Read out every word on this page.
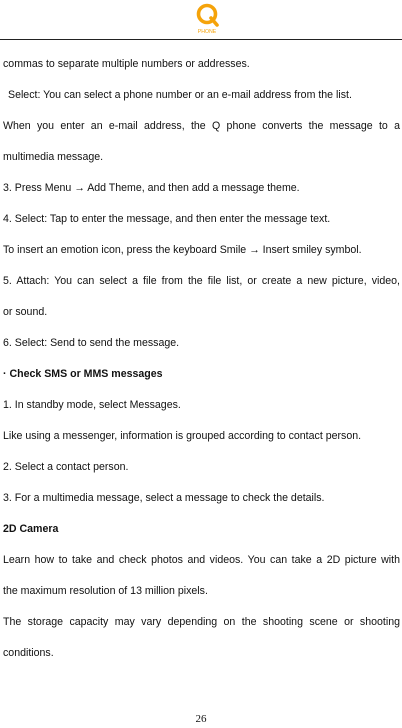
PHONE
commas to separate multiple numbers or addresses.
Select: You can select a phone number or an e-mail address from the list.
When you enter an e-mail address, the Q phone converts the message to a
multimedia message.
3. Press Menu → Add Theme, and then add a message theme.
4. Select: Tap to enter the message, and then enter the message text.
To insert an emotion icon, press the keyboard Smile → Insert smiley symbol.
5. Attach: You can select a file from the file list, or create a new picture, video,
or sound.
6. Select: Send to send the message.
· Check SMS or MMS messages
1. In standby mode, select Messages.
Like using a messenger, information is grouped according to contact person.
2. Select a contact person.
3. For a multimedia message, select a message to check the details.
2D Camera
Learn how to take and check photos and videos. You can take a 2D picture with
the maximum resolution of 13 million pixels.
The storage capacity may vary depending on the shooting scene or shooting
conditions.
26
